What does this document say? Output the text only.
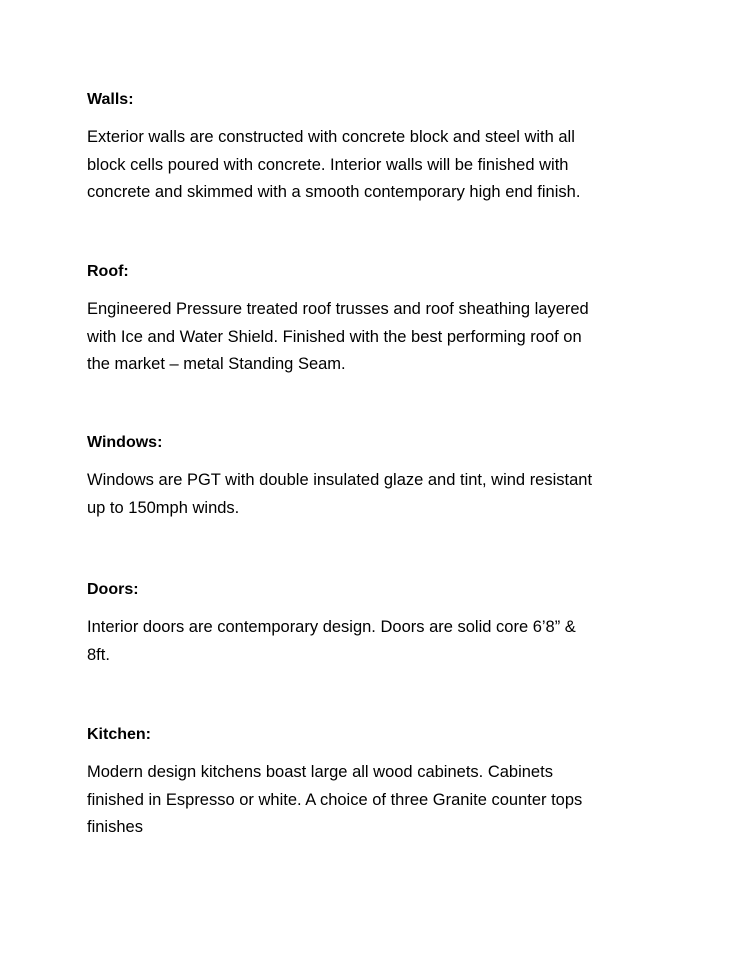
Walls:

Exterior walls are constructed with concrete block and steel with all
block cells poured with concrete. Interior walls will be finished with
concrete and skimmed with a smooth contemporary high end finish.

Roof:

Engineered Pressure treated roof trusses and roof sheathing layered
with Ice and Water Shield. Finished with the best performing roof on
the market – metal Standing Seam.

Windows:

Windows are PGT with double insulated glaze and tint, wind resistant
up to 150mph winds.

Doors:

Interior doors are contemporary design. Doors are solid core 6’8” &
8ft.

Kitchen:

Modern design kitchens boast large all wood cabinets. Cabinets
finished in Espresso or white. A choice of three Granite counter tops
finishes
